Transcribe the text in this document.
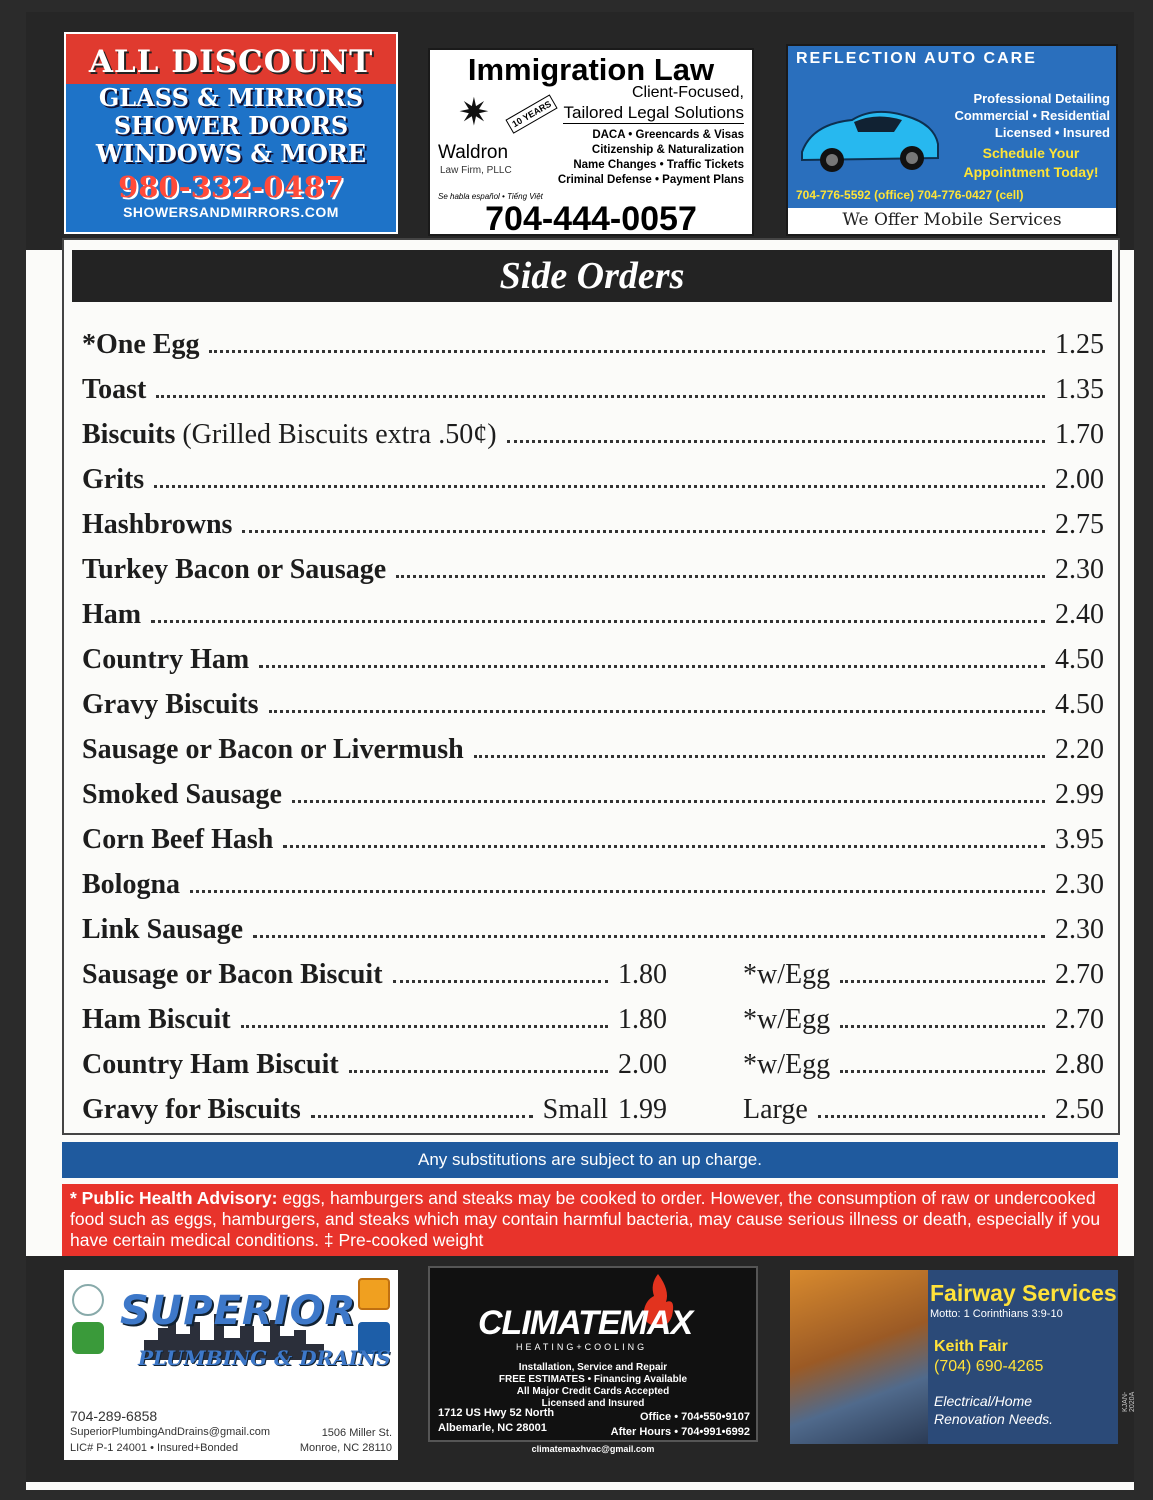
ALL DISCOUNT
GLASS & MIRRORS
SHOWER DOORS
WINDOWS & MORE
980-332-0487
SHOWERSANDMIRRORS.COM
Immigration Law
Client-Focused,
Tailored Legal Solutions
✷	10 YEARS
Waldron
Law Firm, PLLC
DACA • Greencards & Visas
Citizenship & Naturalization
Name Changes • Traffic Tickets
Criminal Defense • Payment Plans
Se habla español • Tiếng Việt
704-444-0057
REFLECTION AUTO CARE
Professional Detailing
Commercial • Residential
Licensed • Insured
Schedule Your Appointment Today!
704-776-5592 (office) 704-776-0427 (cell)
We Offer Mobile Services
Side Orders
*One Egg	1.25
Toast	1.35
Biscuits (Grilled Biscuits extra .50¢)	1.70
Grits	2.00
Hashbrowns	2.75
Turkey Bacon or Sausage	2.30
Ham	2.40
Country Ham	4.50
Gravy Biscuits	4.50
Sausage or Bacon or Livermush	2.20
Smoked Sausage	2.99
Corn Beef Hash	3.95
Bologna	2.30
Link Sausage	2.30
Sausage or Bacon Biscuit	1.80	*w/Egg	2.70
Ham Biscuit	1.80	*w/Egg	2.70
Country Ham Biscuit	2.00	*w/Egg	2.80
Gravy for Biscuits	Small 1.99	Large	2.50
Any substitutions are subject to an up charge.
* Public Health Advisory: eggs, hamburgers and steaks may be cooked to order. However, the consumption of raw or undercooked food such as eggs, hamburgers, and steaks which may contain harmful bacteria, may cause serious illness or death, especially if you have certain medical conditions. ‡ Pre-cooked weight
SUPERIOR
PLUMBING & DRAINS
704-289-6858
SuperiorPlumbingAndDrains@gmail.com
LIC# P-1 24001 • Insured+Bonded
1506 Miller St.
Monroe, NC 28110
CLIMATEMAX
HEATING+COOLING
Installation, Service and Repair
FREE ESTIMATES • Financing Available
All Major Credit Cards Accepted
Licensed and Insured
1712 US Hwy 52 North
Albemarle, NC 28001
Office • 704•550•9107
After Hours • 704•991•6992
climatemaxhvac@gmail.com
Fairway Services
Motto: 1 Corinthians 3:9-10
Keith Fair
(704) 690-4265
Electrical/Home
Renovation Needs.
KJAN-2020A
